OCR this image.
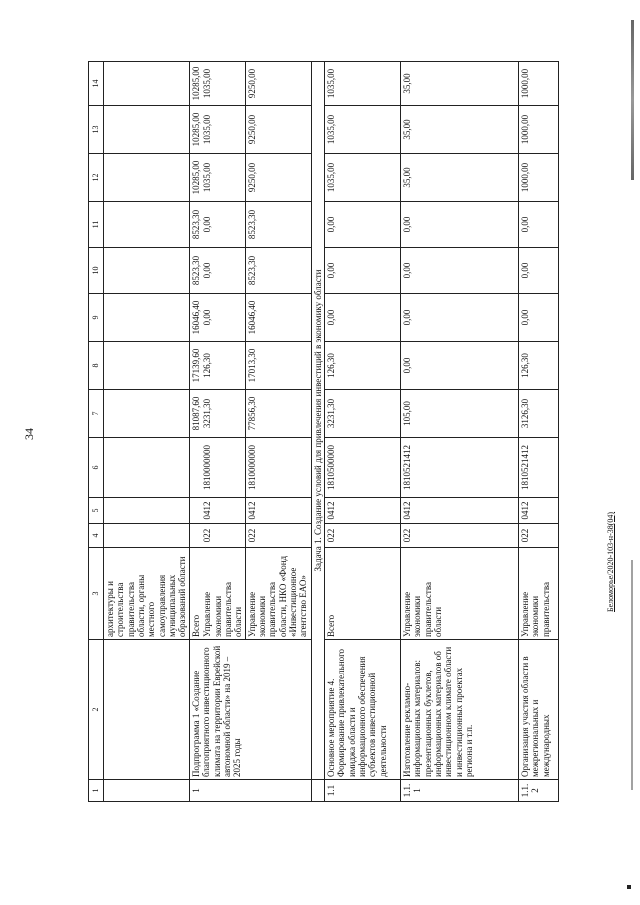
34
1	2	3	4	5	6	7	8	9	10	11	12	13	14
		архитектуры и строительства правительства области, органы местного самоуправления муниципальных образований области											
1	Подпрограмма 1 «Создание благоприятного инвестиционного климата на территории Еврейской автономной области» на 2019 – 2025 годы	Всего Управление экономики правительства области	022	0412	1810000000	81087,60 3231,30	17139,60 126,30	16046,40 0,00	8523,30 0,00	8523,30 0,00	10285,00 1035,00	10285,00 1035,00	10285,00 1035,00

		Управление экономики правительства области, НКО «Фонд «Инвестиционное агентство ЕАО»	022	0412	1810000000	77856,30	17013,30	16046,40	8523,30	8523,30	9250,00	9250,00	9250,00
	Задача 1. Создание условий для привлечения инвестиций в экономику области												
1.1	Основное мероприятие 4. Формирование привлекательного имиджа области и информационного обеспечения субъектов инвестиционной деятельности	Всего	022	0412	1810500000	3231,30	126,30	0,00	0,00	0,00	1035,00	1035,00	1035,00
1.1.1	Изготовление рекламно-информационных материалов: презентационных буклетов, информационных материалов об инвестиционном климате области и инвестиционных проектах региона и т.п.	Управление экономики правительства области	022	0412	1810521412	105,00	0,00	0,00	0,00	0,00	35,00	35,00	35,00
1.1.2	Организация участия области в межрегиональных и международных	Управление экономики правительства	022	0412	1810521412	3126,30	126,30	0,00	0,00	0,00	1000,00	1000,00	1000,00
Беломорье/2020-103-н-38(04)
